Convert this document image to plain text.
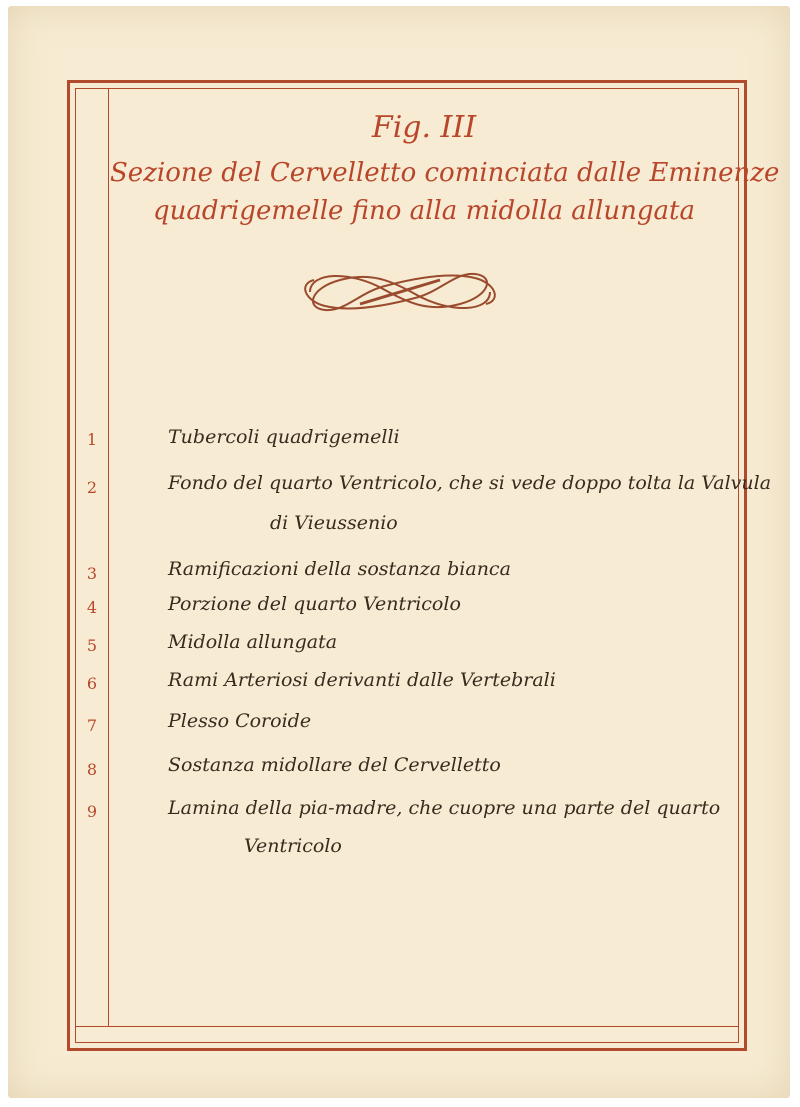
Fig. III
Sezione del Cervelletto cominciata dalle Eminenze
quadrigemelle fino alla midolla allungata
1	Tubercoli quadrigemelli
2	Fondo del quarto Ventricolo, che si vede doppo tolta la Valvula
di Vieussenio
3	Ramificazioni della sostanza bianca
4	Porzione del quarto Ventricolo
5	Midolla allungata
6	Rami Arteriosi derivanti dalle Vertebrali
7	Plesso Coroide
8	Sostanza midollare del Cervelletto
9	Lamina della pia-madre, che cuopre una parte del quarto
Ventricolo
